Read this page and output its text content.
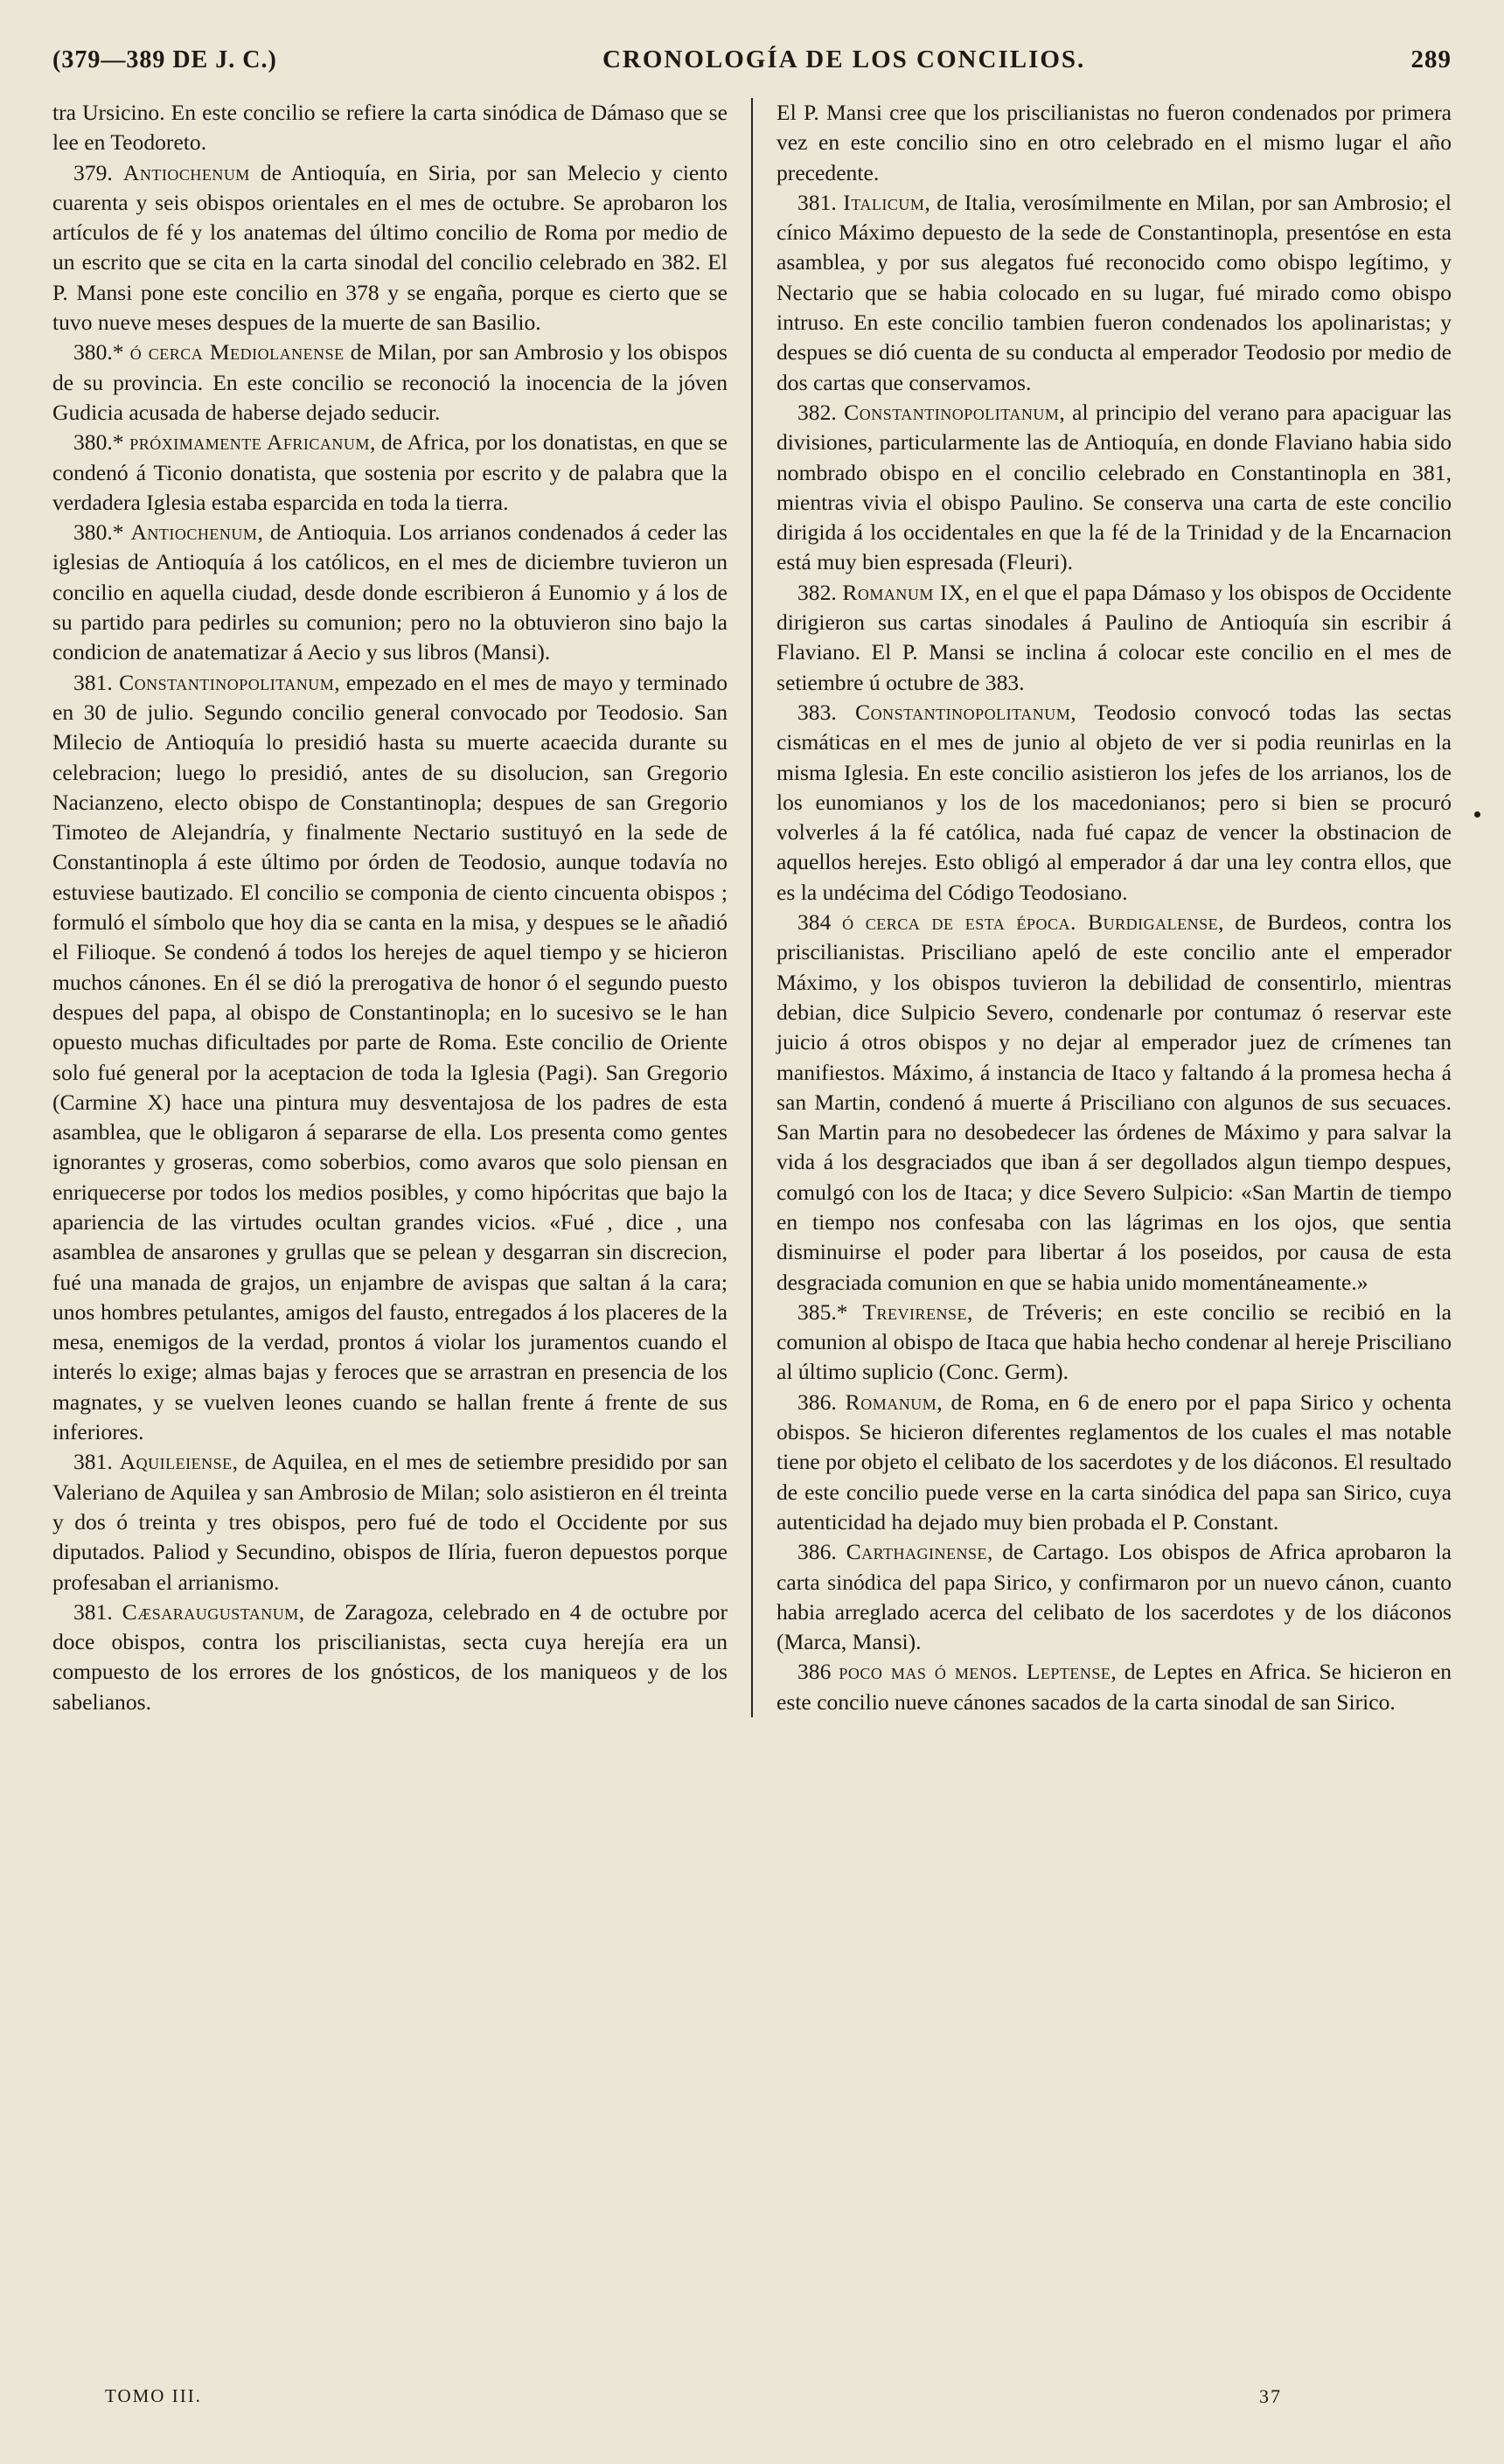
(379—389 DE J. C.)	CRONOLOGÍA DE LOS CONCILIOS.	289

tra Ursicino. En este concilio se refiere la carta sinódica de Dámaso que se lee en Teodoreto.

379. Antiochenum de Antioquía, en Siria, por san Melecio y ciento cuarenta y seis obispos orientales en el mes de octubre. Se aprobaron los artículos de fé y los anatemas del último concilio de Roma por medio de un escrito que se cita en la carta sinodal del concilio celebrado en 382. El P. Mansi pone este concilio en 378 y se engaña, porque es cierto que se tuvo nueve meses despues de la muerte de san Basilio.

380.* ó cerca Mediolanense de Milan, por san Ambrosio y los obispos de su provincia. En este concilio se reconoció la inocencia de la jóven Gudicia acusada de haberse dejado seducir.

380.* próximamente Africanum, de Africa, por los donatistas, en que se condenó á Ticonio donatista, que sostenia por escrito y de palabra que la verdadera Iglesia estaba esparcida en toda la tierra.

380.* Antiochenum, de Antioquia. Los arrianos condenados á ceder las iglesias de Antioquía á los católicos, en el mes de diciembre tuvieron un concilio en aquella ciudad, desde donde escribieron á Eunomio y á los de su partido para pedirles su comunion; pero no la obtuvieron sino bajo la condicion de anatematizar á Aecio y sus libros (Mansi).

381. Constantinopolitanum, empezado en el mes de mayo y terminado en 30 de julio. Segundo concilio general convocado por Teodosio. San Milecio de Antioquía lo presidió hasta su muerte acaecida durante su celebracion; luego lo presidió, antes de su disolucion, san Gregorio Nacianzeno, electo obispo de Constantinopla; despues de san Gregorio Timoteo de Alejandría, y finalmente Nectario sustituyó en la sede de Constantinopla á este último por órden de Teodosio, aunque todavía no estuviese bautizado. El concilio se componia de ciento cincuenta obispos ; formuló el símbolo que hoy dia se canta en la misa, y despues se le añadió el Filioque. Se condenó á todos los herejes de aquel tiempo y se hicieron muchos cánones. En él se dió la prerogativa de honor ó el segundo puesto despues del papa, al obispo de Constantinopla; en lo sucesivo se le han opuesto muchas dificultades por parte de Roma. Este concilio de Oriente solo fué general por la aceptacion de toda la Iglesia (Pagi). San Gregorio (Carmine X) hace una pintura muy desventajosa de los padres de esta asamblea, que le obligaron á separarse de ella. Los presenta como gentes ignorantes y groseras, como soberbios, como avaros que solo piensan en enriquecerse por todos los medios posibles, y como hipócritas que bajo la apariencia de las virtudes ocultan grandes vicios. «Fué , dice , una asamblea de ansarones y grullas que se pelean y desgarran sin discrecion, fué una manada de grajos, un enjambre de avispas que saltan á la cara; unos hombres petulantes, amigos del fausto, entregados á los placeres de la mesa, enemigos de la verdad, prontos á violar los juramentos cuando el interés lo exige; almas bajas y feroces que se arrastran en presencia de los magnates, y se vuelven leones cuando se hallan frente á frente de sus inferiores.

381. Aquileiense, de Aquilea, en el mes de setiembre presidido por san Valeriano de Aquilea y san Ambrosio de Milan; solo asistieron en él treinta y dos ó treinta y tres obispos, pero fué de todo el Occidente por sus diputados. Paliod y Secundino, obispos de Ilíria, fueron depuestos porque profesaban el arrianismo.

381. Cæsaraugustanum, de Zaragoza, celebrado en 4 de octubre por doce obispos, contra los priscilianistas, secta cuya herejía era un compuesto de los errores de los gnósticos, de los maniqueos y de los sabelianos.

El P. Mansi cree que los priscilianistas no fueron condenados por primera vez en este concilio sino en otro celebrado en el mismo lugar el año precedente.

381. Italicum, de Italia, verosímilmente en Milan, por san Ambrosio; el cínico Máximo depuesto de la sede de Constantinopla, presentóse en esta asamblea, y por sus alegatos fué reconocido como obispo legítimo, y Nectario que se habia colocado en su lugar, fué mirado como obispo intruso. En este concilio tambien fueron condenados los apolinaristas; y despues se dió cuenta de su conducta al emperador Teodosio por medio de dos cartas que conservamos.

382. Constantinopolitanum, al principio del verano para apaciguar las divisiones, particularmente las de Antioquía, en donde Flaviano habia sido nombrado obispo en el concilio celebrado en Constantinopla en 381, mientras vivia el obispo Paulino. Se conserva una carta de este concilio dirigida á los occidentales en que la fé de la Trinidad y de la Encarnacion está muy bien espresada (Fleuri).

382. Romanum IX, en el que el papa Dámaso y los obispos de Occidente dirigieron sus cartas sinodales á Paulino de Antioquía sin escribir á Flaviano. El P. Mansi se inclina á colocar este concilio en el mes de setiembre ú octubre de 383.

383. Constantinopolitanum, Teodosio convocó todas las sectas cismáticas en el mes de junio al objeto de ver si podia reunirlas en la misma Iglesia. En este concilio asistieron los jefes de los arrianos, los de los eunomianos y los de los macedonianos; pero si bien se procuró volverles á la fé católica, nada fué capaz de vencer la obstinacion de aquellos herejes. Esto obligó al emperador á dar una ley contra ellos, que es la undécima del Código Teodosiano.

384 ó cerca de esta época. Burdigalense, de Burdeos, contra los priscilianistas. Prisciliano apeló de este concilio ante el emperador Máximo, y los obispos tuvieron la debilidad de consentirlo, mientras debian, dice Sulpicio Severo, condenarle por contumaz ó reservar este juicio á otros obispos y no dejar al emperador juez de crímenes tan manifiestos. Máximo, á instancia de Itaco y faltando á la promesa hecha á san Martin, condenó á muerte á Prisciliano con algunos de sus secuaces. San Martin para no desobedecer las órdenes de Máximo y para salvar la vida á los desgraciados que iban á ser degollados algun tiempo despues, comulgó con los de Itaca; y dice Severo Sulpicio: «San Martin de tiempo en tiempo nos confesaba con las lágrimas en los ojos, que sentia disminuirse el poder para libertar á los poseidos, por causa de esta desgraciada comunion en que se habia unido momentáneamente.»

385.* Trevirense, de Tréveris; en este concilio se recibió en la comunion al obispo de Itaca que habia hecho condenar al hereje Prisciliano al último suplicio (Conc. Germ).

386. Romanum, de Roma, en 6 de enero por el papa Sirico y ochenta obispos. Se hicieron diferentes reglamentos de los cuales el mas notable tiene por objeto el celibato de los sacerdotes y de los diáconos. El resultado de este concilio puede verse en la carta sinódica del papa san Sirico, cuya autenticidad ha dejado muy bien probada el P. Constant.

386. Carthaginense, de Cartago. Los obispos de Africa aprobaron la carta sinódica del papa Sirico, y confirmaron por un nuevo cánon, cuanto habia arreglado acerca del celibato de los sacerdotes y de los diáconos (Marca, Mansi).

386 poco mas ó menos. Leptense, de Leptes en Africa. Se hicieron en este concilio nueve cánones sacados de la carta sinodal de san Sirico.

TOMO III.	37
